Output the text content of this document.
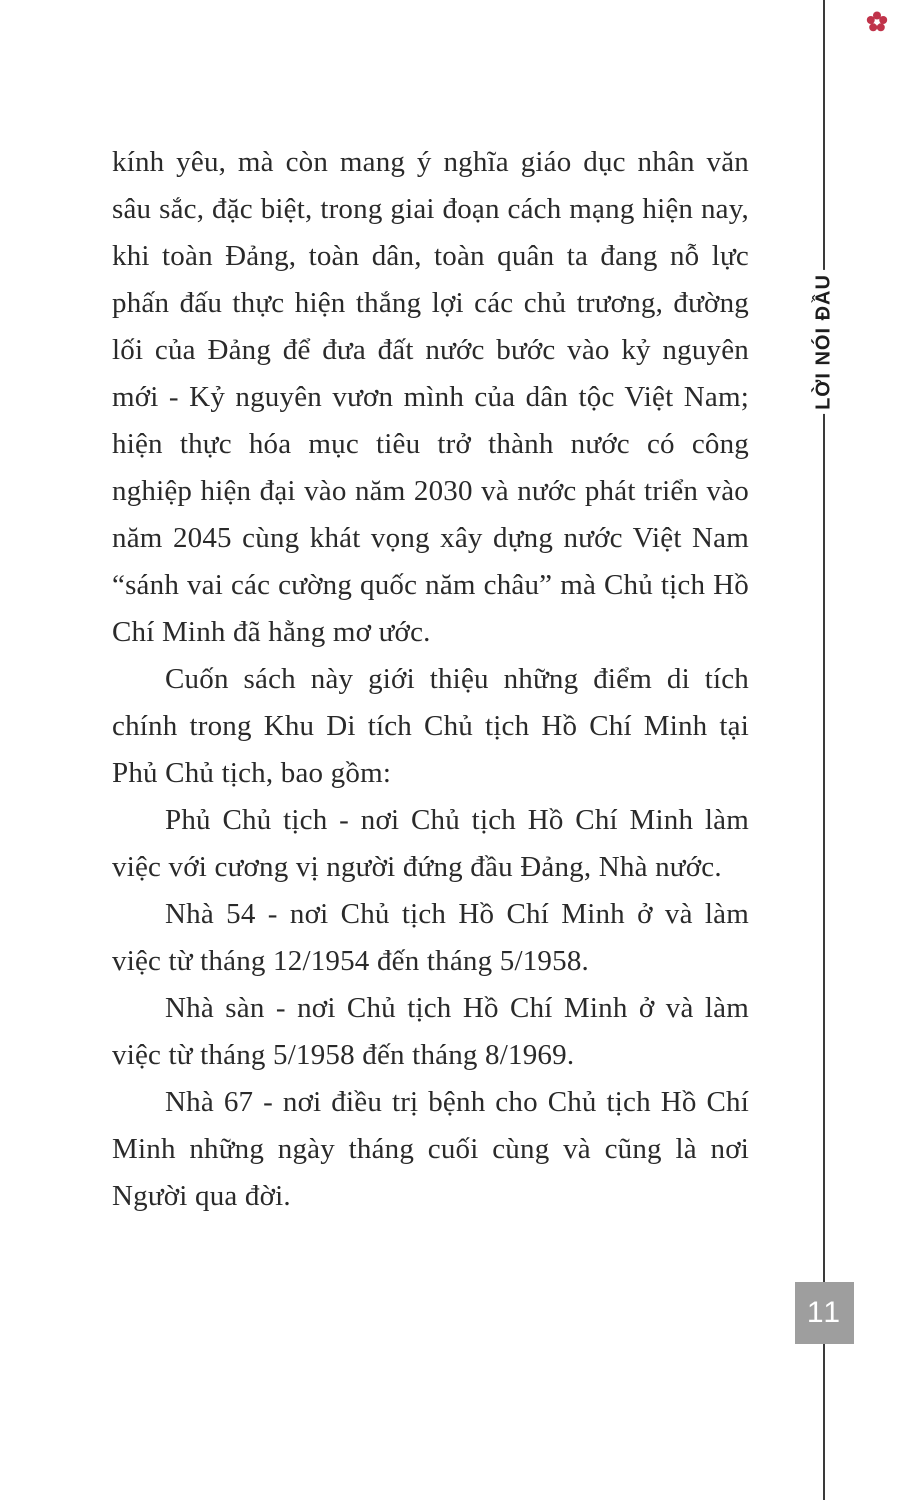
LỜI NÓI ĐẦU

kính yêu, mà còn mang ý nghĩa giáo dục nhân văn sâu sắc, đặc biệt, trong giai đoạn cách mạng hiện nay, khi toàn Đảng, toàn dân, toàn quân ta đang nỗ lực phấn đấu thực hiện thắng lợi các chủ trương, đường lối của Đảng để đưa đất nước bước vào kỷ nguyên mới - Kỷ nguyên vươn mình của dân tộc Việt Nam; hiện thực hóa mục tiêu trở thành nước có công nghiệp hiện đại vào năm 2030 và nước phát triển vào năm 2045 cùng khát vọng xây dựng nước Việt Nam “sánh vai các cường quốc năm châu” mà Chủ tịch Hồ Chí Minh đã hằng mơ ước.

Cuốn sách này giới thiệu những điểm di tích chính trong Khu Di tích Chủ tịch Hồ Chí Minh tại Phủ Chủ tịch, bao gồm:

Phủ Chủ tịch - nơi Chủ tịch Hồ Chí Minh làm việc với cương vị người đứng đầu Đảng, Nhà nước.

Nhà 54 - nơi Chủ tịch Hồ Chí Minh ở và làm việc từ tháng 12/1954 đến tháng 5/1958.

Nhà sàn - nơi Chủ tịch Hồ Chí Minh ở và làm việc từ tháng 5/1958 đến tháng 8/1969.

Nhà 67 - nơi điều trị bệnh cho Chủ tịch Hồ Chí Minh những ngày tháng cuối cùng và cũng là nơi Người qua đời.

11
